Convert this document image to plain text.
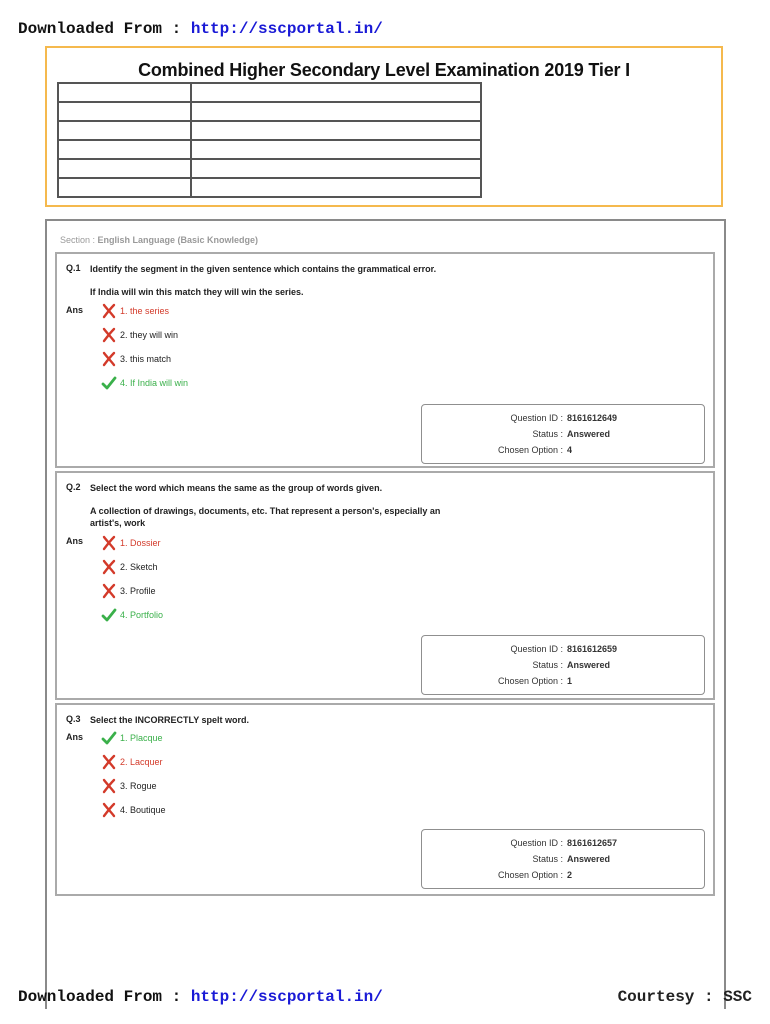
Downloaded From : http://sscportal.in/
Combined Higher Secondary Level Examination 2019 Tier I

Section : English Language (Basic Knowledge)
Q.1 Identify the segment in the given sentence which contains the grammatical error.
If India will win this match they will win the series.
Ans	1. the series
2. they will win
3. this match
4. If India will win
Question ID : 8161612649
Status : Answered
Chosen Option : 4
Q.2 Select the word which means the same as the group of words given.
A collection of drawings, documents, etc. That represent a person's, especially an artist's, work
Ans	1. Dossier
2. Sketch
3. Profile
4. Portfolio
Question ID : 8161612659
Status : Answered
Chosen Option : 1
Q.3 Select the INCORRECTLY spelt word.
Ans	1. Placque
2. Lacquer
3. Rogue
4. Boutique
Question ID : 8161612657
Status : Answered
Chosen Option : 2
Downloaded From : http://sscportal.in/	Courtesy : SSC
